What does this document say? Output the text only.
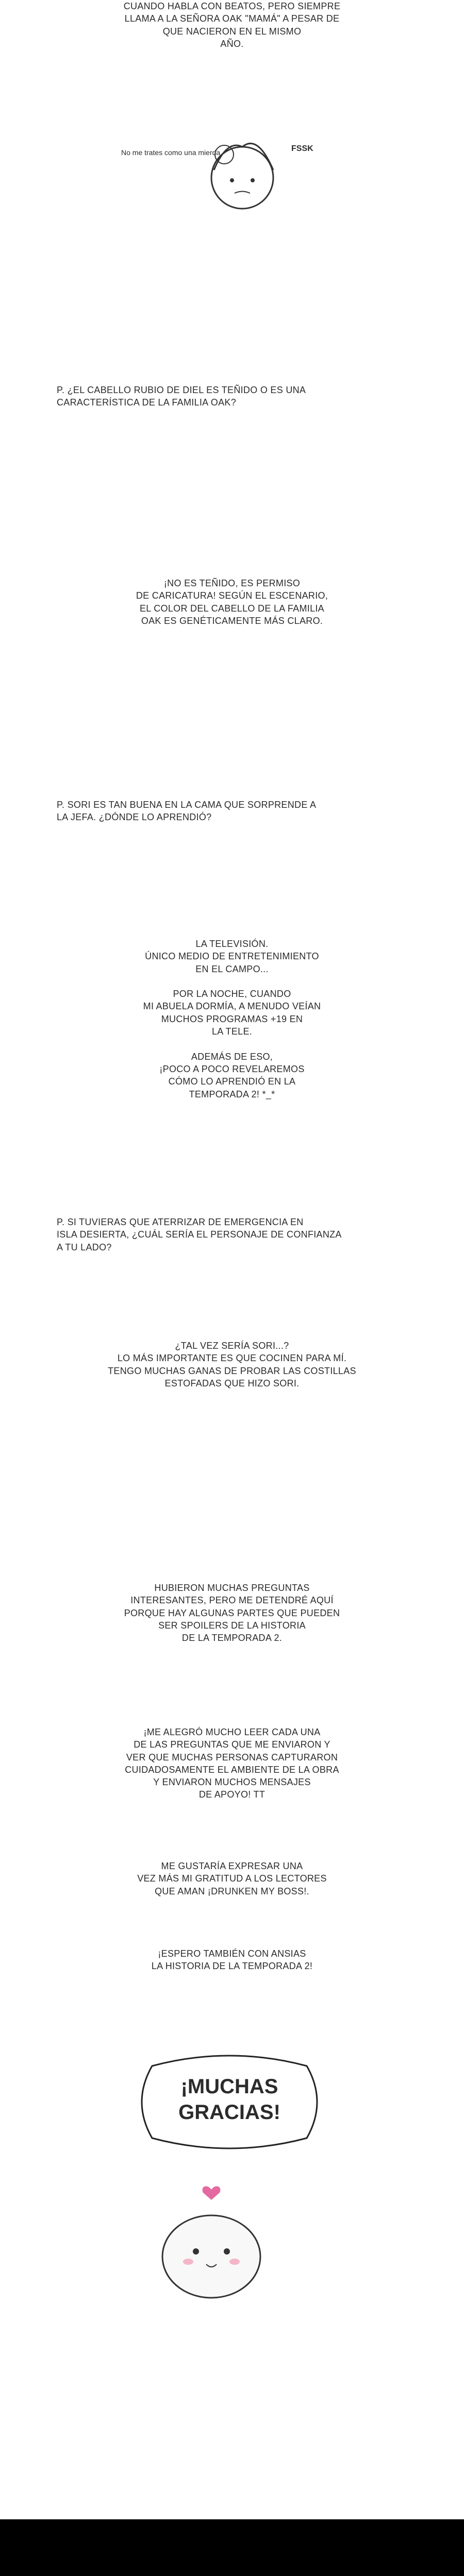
CUANDO HABLA CON BEATOS, PERO SIEMPRE
LLAMA A LA SEÑORA OAK "MAMÁ" A PESAR DE
QUE NACIERON EN EL MISMO
AÑO.
No me trates como una mierda	FSSK
P. ¿EL CABELLO RUBIO DE DIEL ES TEÑIDO O ES UNA
CARACTERÍSTICA DE LA FAMILIA OAK?
¡NO ES TEÑIDO, ES PERMISO
DE CARICATURA! SEGÚN EL ESCENARIO,
EL COLOR DEL CABELLO DE LA FAMILIA
OAK ES GENÉTICAMENTE MÁS CLARO.
P. SORI ES TAN BUENA EN LA CAMA QUE SORPRENDE A
LA JEFA. ¿DÓNDE LO APRENDIÓ?
LA TELEVISIÓN.
ÚNICO MEDIO DE ENTRETENIMIENTO
EN EL CAMPO...

POR LA NOCHE, CUANDO
MI ABUELA DORMÍA, A MENUDO VEÍAN
MUCHOS PROGRAMAS +19 EN
LA TELE.

ADEMÁS DE ESO,
¡POCO A POCO REVELAREMOS
CÓMO LO APRENDIÓ EN LA
TEMPORADA 2! *_*
P. SI TUVIERAS QUE ATERRIZAR DE EMERGENCIA EN
ISLA DESIERTA, ¿CUÁL SERÍA EL PERSONAJE DE CONFIANZA
A TU LADO?
¿TAL VEZ SERÍA SORI...?
LO MÁS IMPORTANTE ES QUE COCINEN PARA MÍ.
TENGO MUCHAS GANAS DE PROBAR LAS COSTILLAS
ESTOFADAS QUE HIZO SORI.
HUBIERON MUCHAS PREGUNTAS
INTERESANTES, PERO ME DETENDRÉ AQUÍ
PORQUE HAY ALGUNAS PARTES QUE PUEDEN
SER SPOILERS DE LA HISTORIA
DE LA TEMPORADA 2.
¡ME ALEGRÓ MUCHO LEER CADA UNA
DE LAS PREGUNTAS QUE ME ENVIARON Y
VER QUE MUCHAS PERSONAS CAPTURARON
CUIDADOSAMENTE EL AMBIENTE DE LA OBRA
Y ENVIARON MUCHOS MENSAJES
DE APOYO! TT
ME GUSTARÍA EXPRESAR UNA
VEZ MÁS MI GRATITUD A LOS LECTORES
QUE AMAN ¡DRUNKEN MY BOSS!.
¡ESPERO TAMBIÉN CON ANSIAS
LA HISTORIA DE LA TEMPORADA 2!
¡MUCHAS
GRACIAS!
